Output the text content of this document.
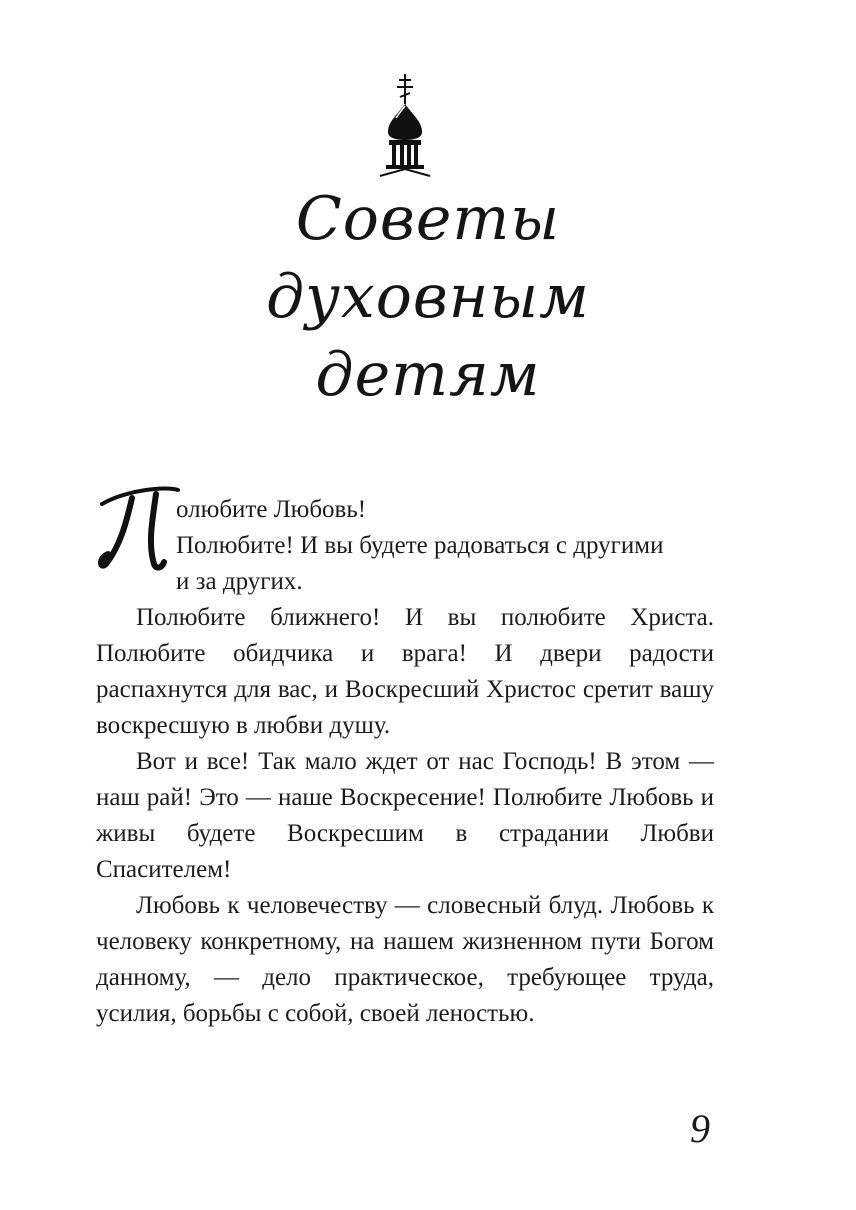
Советы
духовным
детям
П
олюбите Любовь!
Полюбите! И вы будете радоваться с другими
и за других.

Полюбите ближнего! И вы полюбите Христа. Полюбите обидчика и врага! И двери радости распахнутся для вас, и Воскресший Христос сретит вашу воскресшую в любви душу.

Вот и все! Так мало ждет от нас Господь! В этом — наш рай! Это — наше Воскресение! Полюбите Любовь и живы будете Воскресшим в страдании Любви Спасителем!

Любовь к человечеству — словесный блуд. Любовь к человеку конкретному, на нашем жизненном пути Богом данному, — дело практическое, требующее труда, усилия, борьбы с собой, своей леностью.

9
